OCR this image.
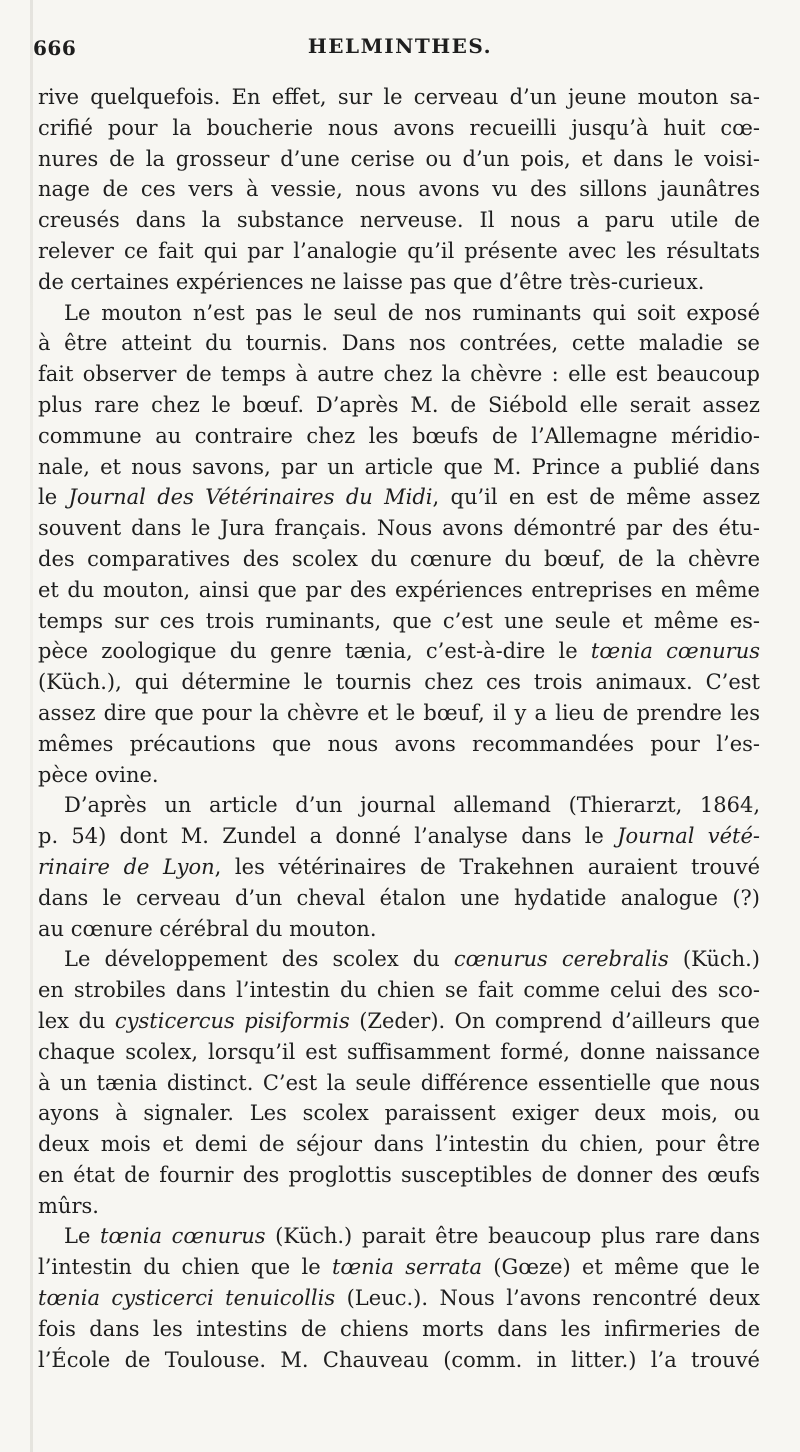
666	HELMINTHES.
rive quelquefois. En effet, sur le cerveau d’un jeune mouton sa-
crifié pour la boucherie nous avons recueilli jusqu’à huit cœ-
nures de la grosseur d’une cerise ou d’un pois, et dans le voisi-
nage de ces vers à vessie, nous avons vu des sillons jaunâtres
creusés dans la substance nerveuse. Il nous a paru utile de
relever ce fait qui par l’analogie qu’il présente avec les résultats
de certaines expériences ne laisse pas que d’être très-curieux.
Le mouton n’est pas le seul de nos ruminants qui soit exposé
à être atteint du tournis. Dans nos contrées, cette maladie se
fait observer de temps à autre chez la chèvre : elle est beaucoup
plus rare chez le bœuf. D’après M. de Siébold elle serait assez
commune au contraire chez les bœufs de l’Allemagne méridio-
nale, et nous savons, par un article que M. Prince a publié dans
le Journal des Vétérinaires du Midi, qu’il en est de même assez
souvent dans le Jura français. Nous avons démontré par des étu-
des comparatives des scolex du cœnure du bœuf, de la chèvre
et du mouton, ainsi que par des expériences entreprises en même
temps sur ces trois ruminants, que c’est une seule et même es-
pèce zoologique du genre tænia, c’est-à-dire le tœnia cœnurus
(Küch.), qui détermine le tournis chez ces trois animaux. C’est
assez dire que pour la chèvre et le bœuf, il y a lieu de prendre les
mêmes précautions que nous avons recommandées pour l’es-
pèce ovine.
D’après un article d’un journal allemand (Thierarzt, 1864,
p. 54) dont M. Zundel a donné l’analyse dans le Journal vété-
rinaire de Lyon, les vétérinaires de Trakehnen auraient trouvé
dans le cerveau d’un cheval étalon une hydatide analogue (?)
au cœnure cérébral du mouton.
Le développement des scolex du cœnurus cerebralis (Küch.)
en strobiles dans l’intestin du chien se fait comme celui des sco-
lex du cysticercus pisiformis (Zeder). On comprend d’ailleurs que
chaque scolex, lorsqu’il est suffisamment formé, donne naissance
à un tænia distinct. C’est la seule différence essentielle que nous
ayons à signaler. Les scolex paraissent exiger deux mois, ou
deux mois et demi de séjour dans l’intestin du chien, pour être
en état de fournir des proglottis susceptibles de donner des œufs
mûrs.
Le tœnia cœnurus (Küch.) parait être beaucoup plus rare dans
l’intestin du chien que le tœnia serrata (Gœze) et même que le
tœnia cysticerci tenuicollis (Leuc.). Nous l’avons rencontré deux
fois dans les intestins de chiens morts dans les infirmeries de
l’École de Toulouse. M. Chauveau (comm. in litter.) l’a trouvé
